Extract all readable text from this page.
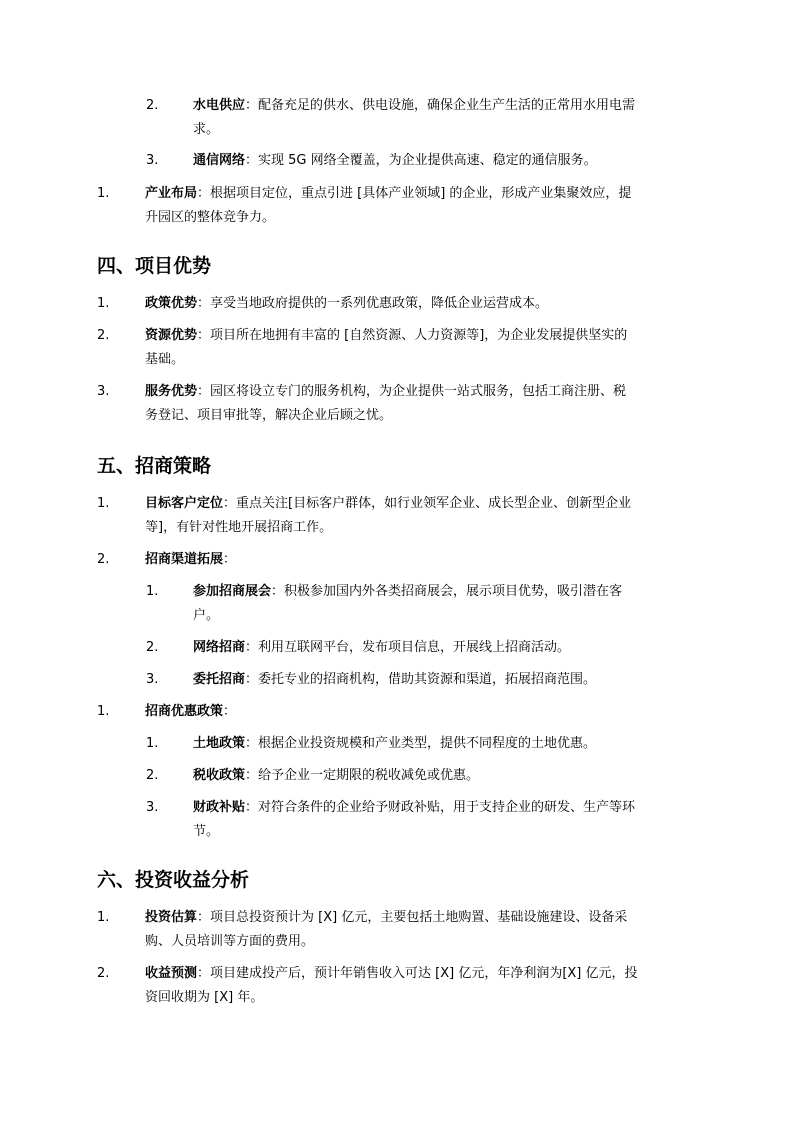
2.	水电供应：配备充足的供水、供电设施，确保企业生产生活的正常用水用电需
求。
3.	通信网络：实现 5G 网络全覆盖，为企业提供高速、稳定的通信服务。
1.	产业布局：根据项目定位，重点引进 [具体产业领域] 的企业，形成产业集聚效应，提
升园区的整体竞争力。
四、项目优势
1.	政策优势：享受当地政府提供的一系列优惠政策，降低企业运营成本。
2.	资源优势：项目所在地拥有丰富的 [自然资源、人力资源等]，为企业发展提供坚实的
基础。
3.	服务优势：园区将设立专门的服务机构，为企业提供一站式服务，包括工商注册、税
务登记、项目审批等，解决企业后顾之忧。
五、招商策略
1.	目标客户定位：重点关注[目标客户群体，如行业领军企业、成长型企业、创新型企业
等]，有针对性地开展招商工作。
2.	招商渠道拓展：
1.	参加招商展会：积极参加国内外各类招商展会，展示项目优势，吸引潜在客
户。
2.	网络招商：利用互联网平台，发布项目信息，开展线上招商活动。
3.	委托招商：委托专业的招商机构，借助其资源和渠道，拓展招商范围。
1.	招商优惠政策：
1.	土地政策：根据企业投资规模和产业类型，提供不同程度的土地优惠。
2.	税收政策：给予企业一定期限的税收减免或优惠。
3.	财政补贴：对符合条件的企业给予财政补贴，用于支持企业的研发、生产等环
节。
六、投资收益分析
1.	投资估算：项目总投资预计为 [X] 亿元，主要包括土地购置、基础设施建设、设备采
购、人员培训等方面的费用。
2.	收益预测：项目建成投产后，预计年销售收入可达 [X] 亿元，年净利润为[X] 亿元，投
资回收期为 [X] 年。
